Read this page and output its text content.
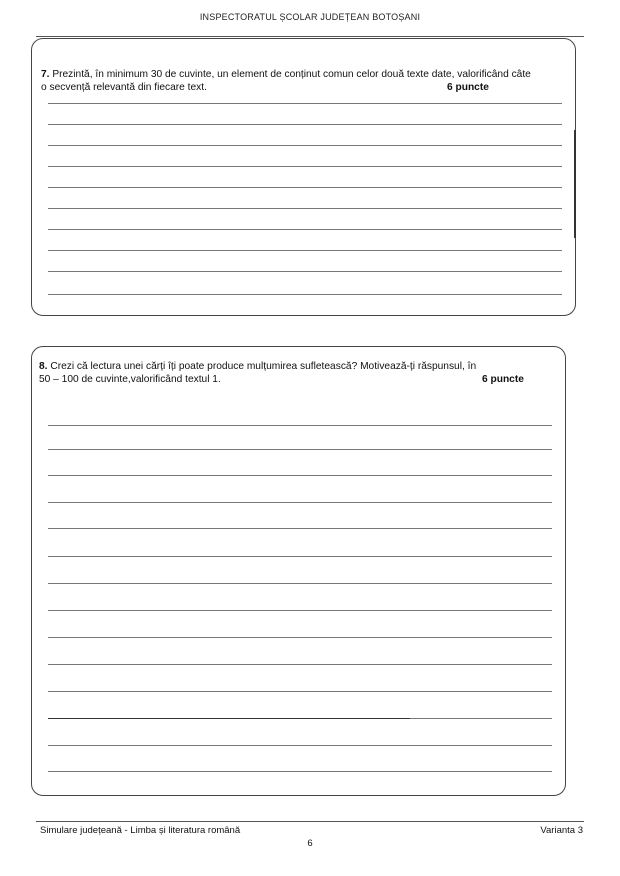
INSPECTORATUL ȘCOLAR JUDEȚEAN BOTOȘANI
7. Prezintă, în minimum 30 de cuvinte, un element de conținut comun celor două texte date, valorificând câte
o secvență relevantă din fiecare text.	6 puncte
8. Crezi că lectura unei cărți îți poate produce mulțumirea sufletească? Motivează-ți răspunsul, în
50 – 100 de cuvinte,valorificând textul 1.	6 puncte
Simulare județeană - Limba și literatura română	Varianta 3
6
